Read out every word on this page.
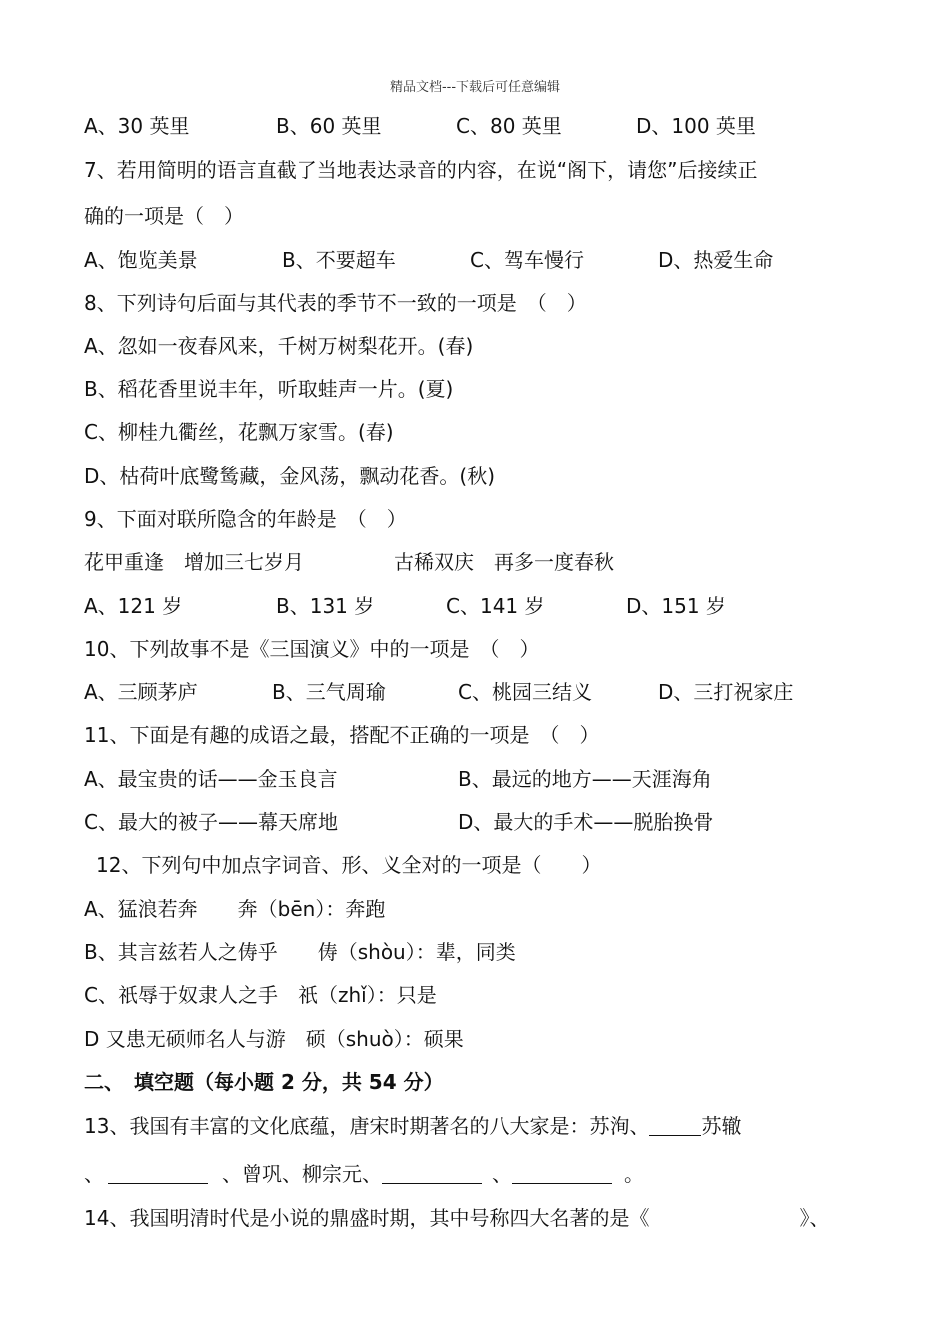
精品文档---下载后可任意编辑
A、30 英里	B、60 英里	C、80 英里	D、100 英里
7、若用简明的语言直截了当地表达录音的内容，在说“阁下，请您”后接续正
确的一项是（　）
A、饱览美景	B、不要超车	C、驾车慢行	D、热爱生命
8、下列诗句后面与其代表的季节不一致的一项是　（　）
A、忽如一夜春风来，千树万树梨花开。(春)
B、稻花香里说丰年，听取蛙声一片。(夏)
C、柳桂九衢丝，花飘万家雪。(春)
D、枯荷叶底鹭鸶藏，金风荡，飘动花香。(秋)
9、下面对联所隐含的年龄是　（　）
花甲重逢　增加三七岁月	古稀双庆　再多一度春秋
A、121 岁	B、131 岁	C、141 岁	D、151 岁
10、下列故事不是《三国演义》中的一项是　（　）
A、三顾茅庐	B、三气周瑜	C、桃园三结义	D、三打祝家庄
11、下面是有趣的成语之最，搭配不正确的一项是　（　）
A、最宝贵的话——金玉良言	B、最远的地方——天涯海角
C、最大的被子——幕天席地	D、最大的手术——脱胎换骨
12、下列句中加点字词音、形、义全对的一项是（　　）
A、猛浪若奔　　奔（bēn）：奔跑
B、其言兹若人之俦乎　　俦（shòu）：辈，同类
C、祇辱于奴隶人之手　祇（zhǐ）：只是
D 又患无硕师名人与游　硕（shuò）：硕果
二、　填空题（每小题 2 分，共 54 分）
13、我国有丰富的文化底蕴，唐宋时期著名的八大家是：苏洵、	苏辙
、	、曾巩、柳宗元、	、	。
14、我国明清时代是小说的鼎盛时期，其中号称四大名著的是《	》、
